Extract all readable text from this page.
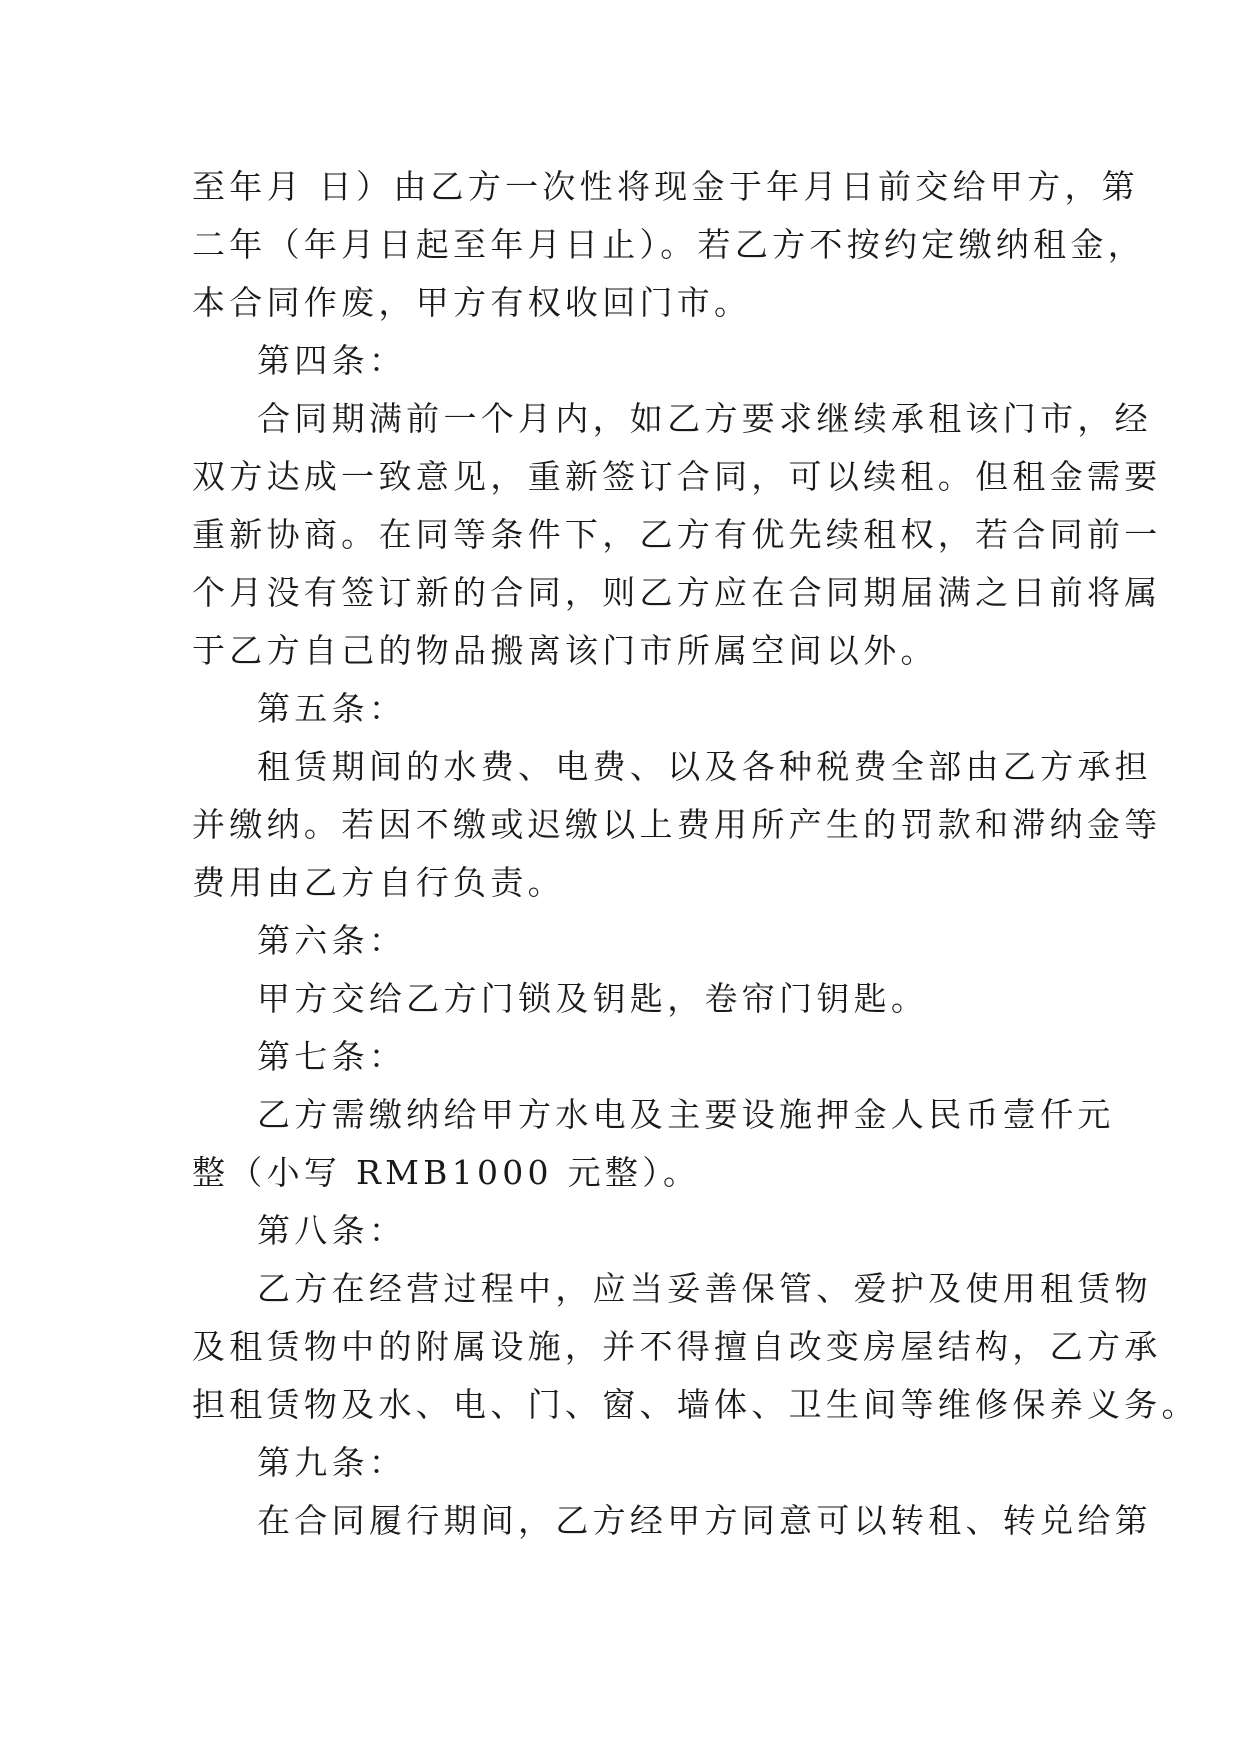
至年月 日）由乙方一次性将现金于年月日前交给甲方，第
二年（年月日起至年月日止）。若乙方不按约定缴纳租金，
本合同作废，甲方有权收回门市。
第四条：
合同期满前一个月内，如乙方要求继续承租该门市，经
双方达成一致意见，重新签订合同，可以续租。但租金需要
重新协商。在同等条件下，乙方有优先续租权，若合同前一
个月没有签订新的合同，则乙方应在合同期届满之日前将属
于乙方自己的物品搬离该门市所属空间以外。
第五条：
租赁期间的水费、电费、以及各种税费全部由乙方承担
并缴纳。若因不缴或迟缴以上费用所产生的罚款和滞纳金等
费用由乙方自行负责。
第六条：
甲方交给乙方门锁及钥匙，卷帘门钥匙。
第七条：
乙方需缴纳给甲方水电及主要设施押金人民币壹仟元
整（小写 RMB1000 元整）。
第八条：
乙方在经营过程中，应当妥善保管、爱护及使用租赁物
及租赁物中的附属设施，并不得擅自改变房屋结构，乙方承
担租赁物及水、电、门、窗、墙体、卫生间等维修保养义务。
第九条：
在合同履行期间，乙方经甲方同意可以转租、转兑给第
